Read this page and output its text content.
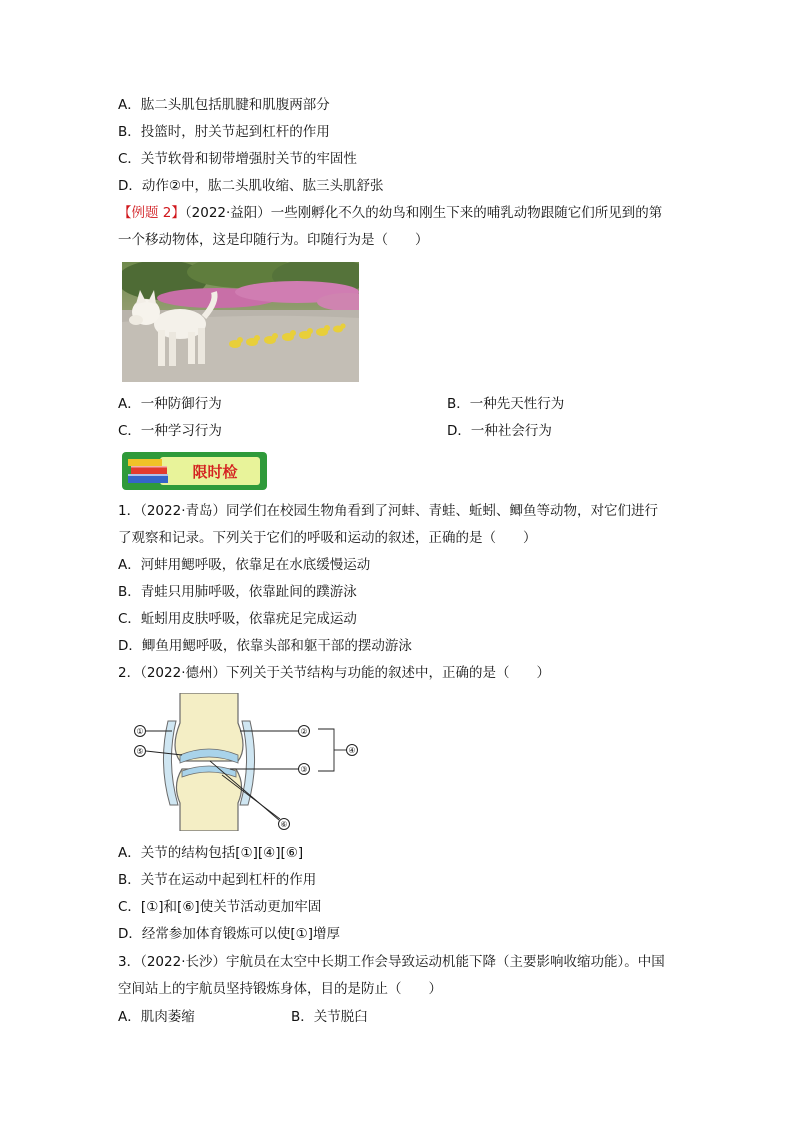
A．肱二头肌包括肌腱和肌腹两部分
B．投篮时，肘关节起到杠杆的作用
C．关节软骨和韧带增强肘关节的牢固性
D．动作②中，肱二头肌收缩、肱三头肌舒张
【例题 2】（2022·益阳）一些刚孵化不久的幼鸟和刚生下来的哺乳动物跟随它们所见到的第
一个移动物体，这是印随行为。印随行为是（　　）
A．一种防御行为	B．一种先天性行为
C．一种学习行为	D．一种社会行为
限时检
1．（2022·青岛）同学们在校园生物角看到了河蚌、青蛙、蚯蚓、鲫鱼等动物，对它们进行
了观察和记录。下列关于它们的呼吸和运动的叙述，正确的是（　　）
A．河蚌用鳃呼吸，依靠足在水底缓慢运动
B．青蛙只用肺呼吸，依靠趾间的蹼游泳
C．蚯蚓用皮肤呼吸，依靠疣足完成运动
D．鲫鱼用鳃呼吸，依靠头部和躯干部的摆动游泳
2．（2022·德州）下列关于关节结构与功能的叙述中，正确的是（　　）
①	②
③
④
⑤
⑥
A．关节的结构包括[①][④][⑥]
B．关节在运动中起到杠杆的作用
C．[①]和[⑥]使关节活动更加牢固
D．经常参加体育锻炼可以使[①]增厚
3．（2022·长沙）宇航员在太空中长期工作会导致运动机能下降（主要影响收缩功能）。中国
空间站上的宇航员坚持锻炼身体，目的是防止（　　）
A．肌肉萎缩	B．关节脱臼
